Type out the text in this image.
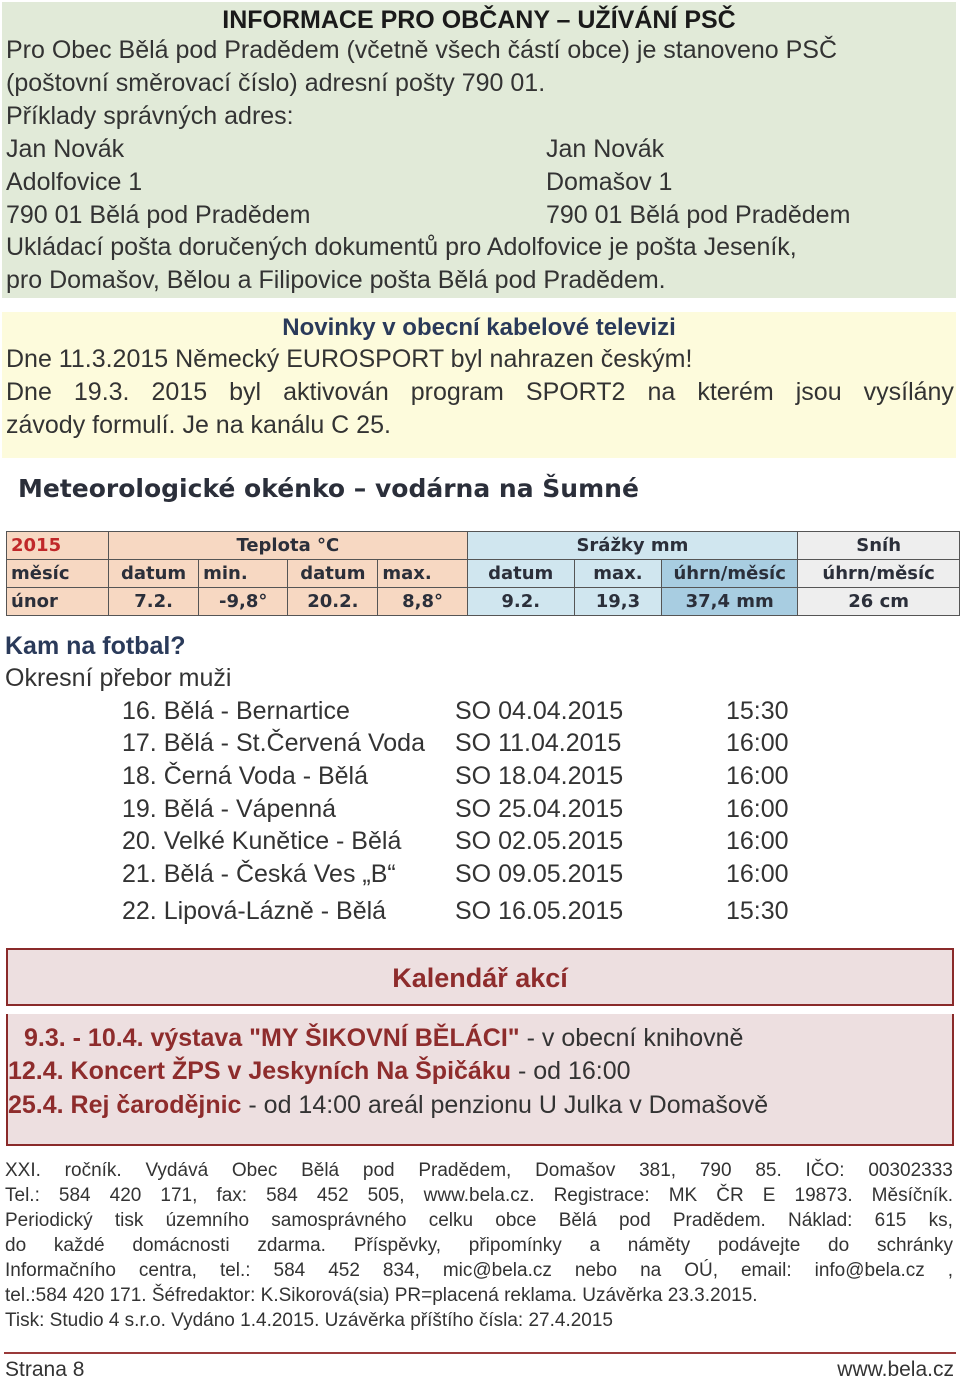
INFORMACE PRO OBČANY – UŽÍVÁNÍ PSČ
Pro Obec Bělá pod Pradědem (včetně všech částí obce) je stanoveno PSČ
(poštovní směrovací číslo) adresní pošty 790 01.
Příklady správných adres:
Jan Novák
Adolfovice 1
790 01 Bělá pod Pradědem
Jan Novák
Domašov 1
790 01 Bělá pod Pradědem
Ukládací pošta doručených dokumentů pro Adolfovice je pošta Jeseník,
pro Domašov, Bělou a Filipovice pošta Bělá pod Pradědem.
Novinky v obecní kabelové televizi
Dne 11.3.2015 Německý EUROSPORT byl nahrazen českým!
Dne 19.3. 2015 byl aktivován program SPORT2 na kterém jsou vysílány
závody formulí. Je na kanálu C 25.
Meteorologické okénko – vodárna na Šumné
2015	Teplota °C				Srážky mm			Sníh
měsíc	datum	min.	datum	max.	datum	max.	úhrn/měsíc	úhrn/měsíc
únor	7.2.	-9,8°	20.2.	8,8°	9.2.	19,3	37,4 mm	26 cm
Kam na fotbal?
Okresní přebor muži
16. Bělá - Bernartice	SO 04.04.2015	15:30
17. Bělá - St.Červená Voda SO 11.04.2015	16:00
18. Černá Voda - Bělá	SO 18.04.2015	16:00
19. Bělá - Vápenná	SO 25.04.2015	16:00
20. Velké Kunětice - Bělá SO 02.05.2015	16:00
21. Bělá - Česká Ves „B“ SO 09.05.2015	16:00
22. Lipová-Lázně - Bělá	SO 16.05.2015	15:30
Kalendář akcí
9.3. - 10.4. výstava "MY ŠIKOVNÍ BĚLÁCI" - v obecní knihovně
12.4. Koncert ŽPS v Jeskyních Na Špičáku - od 16:00
25.4. Rej čarodějnic - od 14:00 areál penzionu U Julka v Domašově
XXI. ročník. Vydává Obec Bělá pod Pradědem, Domašov 381, 790 85. IČO: 00302333
Tel.: 584 420 171, fax: 584 452 505, www.bela.cz. Registrace: MK ČR E 19873. Měsíčník.
Periodický tisk územního samosprávného celku obce Bělá pod Pradědem. Náklad: 615 ks,
do každé domácnosti zdarma. Příspěvky, připomínky a náměty podávejte do schránky
Informačního centra, tel.: 584 452 834, mic@bela.cz nebo na OÚ, email: info@bela.cz ,
tel.:584 420 171. Šéfredaktor: K.Sikorová(sia) PR=placená reklama. Uzávěrka 23.3.2015.
Tisk: Studio 4 s.r.o. Vydáno 1.4.2015. Uzávěrka příštího čísla: 27.4.2015
Strana 8	www.bela.cz
